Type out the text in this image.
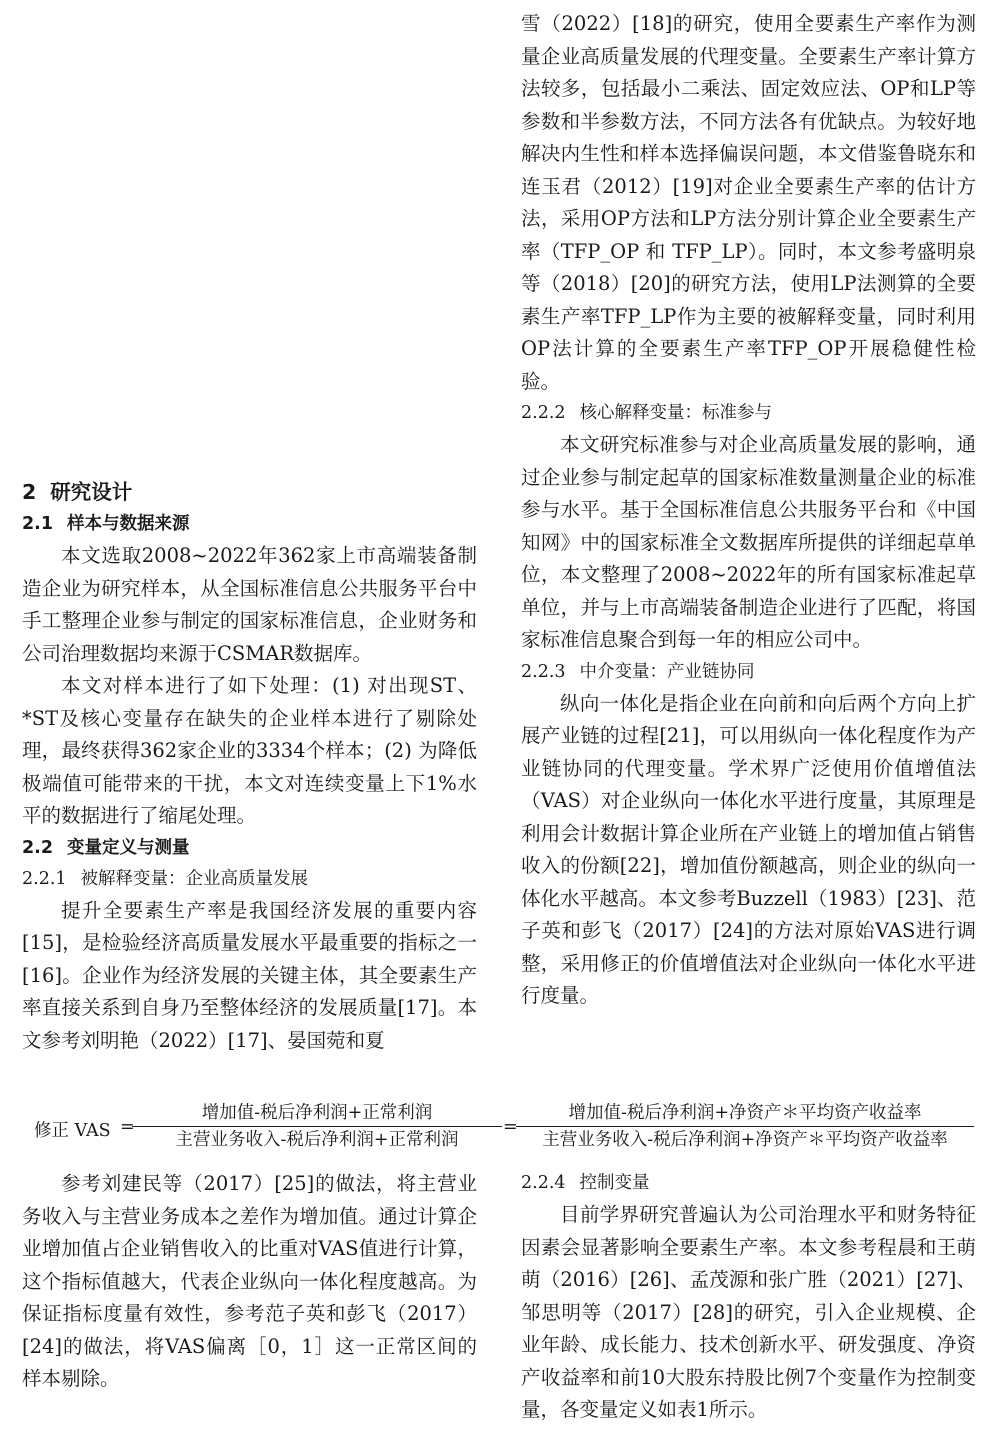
雪（2022）[18]的研究，使用全要素生产率作为测量企业高质量发展的代理变量。全要素生产率计算方法较多，包括最小二乘法、固定效应法、OP和LP等参数和半参数方法，不同方法各有优缺点。为较好地解决内生性和样本选择偏误问题，本文借鉴鲁晓东和连玉君（2012）[19]对企业全要素生产率的估计方法，采用OP方法和LP方法分别计算企业全要素生产率（TFP_OP 和 TFP_LP）。同时，本文参考盛明泉等（2018）[20]的研究方法，使用LP法测算的全要素生产率TFP_LP作为主要的被解释变量，同时利用OP法计算的全要素生产率TFP_OP开展稳健性检验。

2.2.2 核心解释变量：标准参与

本文研究标准参与对企业高质量发展的影响，通过企业参与制定起草的国家标准数量测量企业的标准参与水平。基于全国标准信息公共服务平台和《中国知网》中的国家标准全文数据库所提供的详细起草单位，本文整理了2008~2022年的所有国家标准起草单位，并与上市高端装备制造企业进行了匹配，将国家标准信息聚合到每一年的相应公司中。

2.2.3 中介变量：产业链协同

纵向一体化是指企业在向前和向后两个方向上扩展产业链的过程[21]，可以用纵向一体化程度作为产业链协同的代理变量。学术界广泛使用价值增值法（VAS）对企业纵向一体化水平进行度量，其原理是利用会计数据计算企业所在产业链上的增加值占销售收入的份额[22]，增加值份额越高，则企业的纵向一体化水平越高。本文参考Buzzell（1983）[23]、范子英和彭飞（2017）[24]的方法对原始VAS进行调整，采用修正的价值增值法对企业纵向一体化水平进行度量。

2 研究设计
2.1 样本与数据来源

本文选取2008~2022年362家上市高端装备制造企业为研究样本，从全国标准信息公共服务平台中手工整理企业参与制定的国家标准信息，企业财务和公司治理数据均来源于CSMAR数据库。

本文对样本进行了如下处理：(1) 对出现ST、*ST及核心变量存在缺失的企业样本进行了剔除处理，最终获得362家企业的3334个样本；(2) 为降低极端值可能带来的干扰，本文对连续变量上下1%水平的数据进行了缩尾处理。

2.2 变量定义与测量
2.2.1 被解释变量：企业高质量发展

提升全要素生产率是我国经济发展的重要内容[15]，是检验经济高质量发展水平最重要的指标之一[16]。企业作为经济发展的关键主体，其全要素生产率直接关系到自身乃至整体经济的发展质量[17]。本文参考刘明艳（2022）[17]、晏国菀和夏

修正 VAS =
增加值-税后净利润+正常利润
主营业务收入-税后净利润+正常利润
=
增加值-税后净利润+净资产＊平均资产收益率
主营业务收入-税后净利润+净资产＊平均资产收益率

参考刘建民等（2017）[25]的做法，将主营业务收入与主营业务成本之差作为增加值。通过计算企业增加值占企业销售收入的比重对VAS值进行计算，这个指标值越大，代表企业纵向一体化程度越高。为保证指标度量有效性，参考范子英和彭飞（2017）[24]的做法，将VAS偏离［0，1］这一正常区间的样本剔除。

2.2.4 控制变量

目前学界研究普遍认为公司治理水平和财务特征因素会显著影响全要素生产率。本文参考程晨和王萌萌（2016）[26]、孟茂源和张广胜（2021）[27]、邹思明等（2017）[28]的研究，引入企业规模、企业年龄、成长能力、技术创新水平、研发强度、净资产收益率和前10大股东持股比例7个变量作为控制变量，各变量定义如表1所示。
